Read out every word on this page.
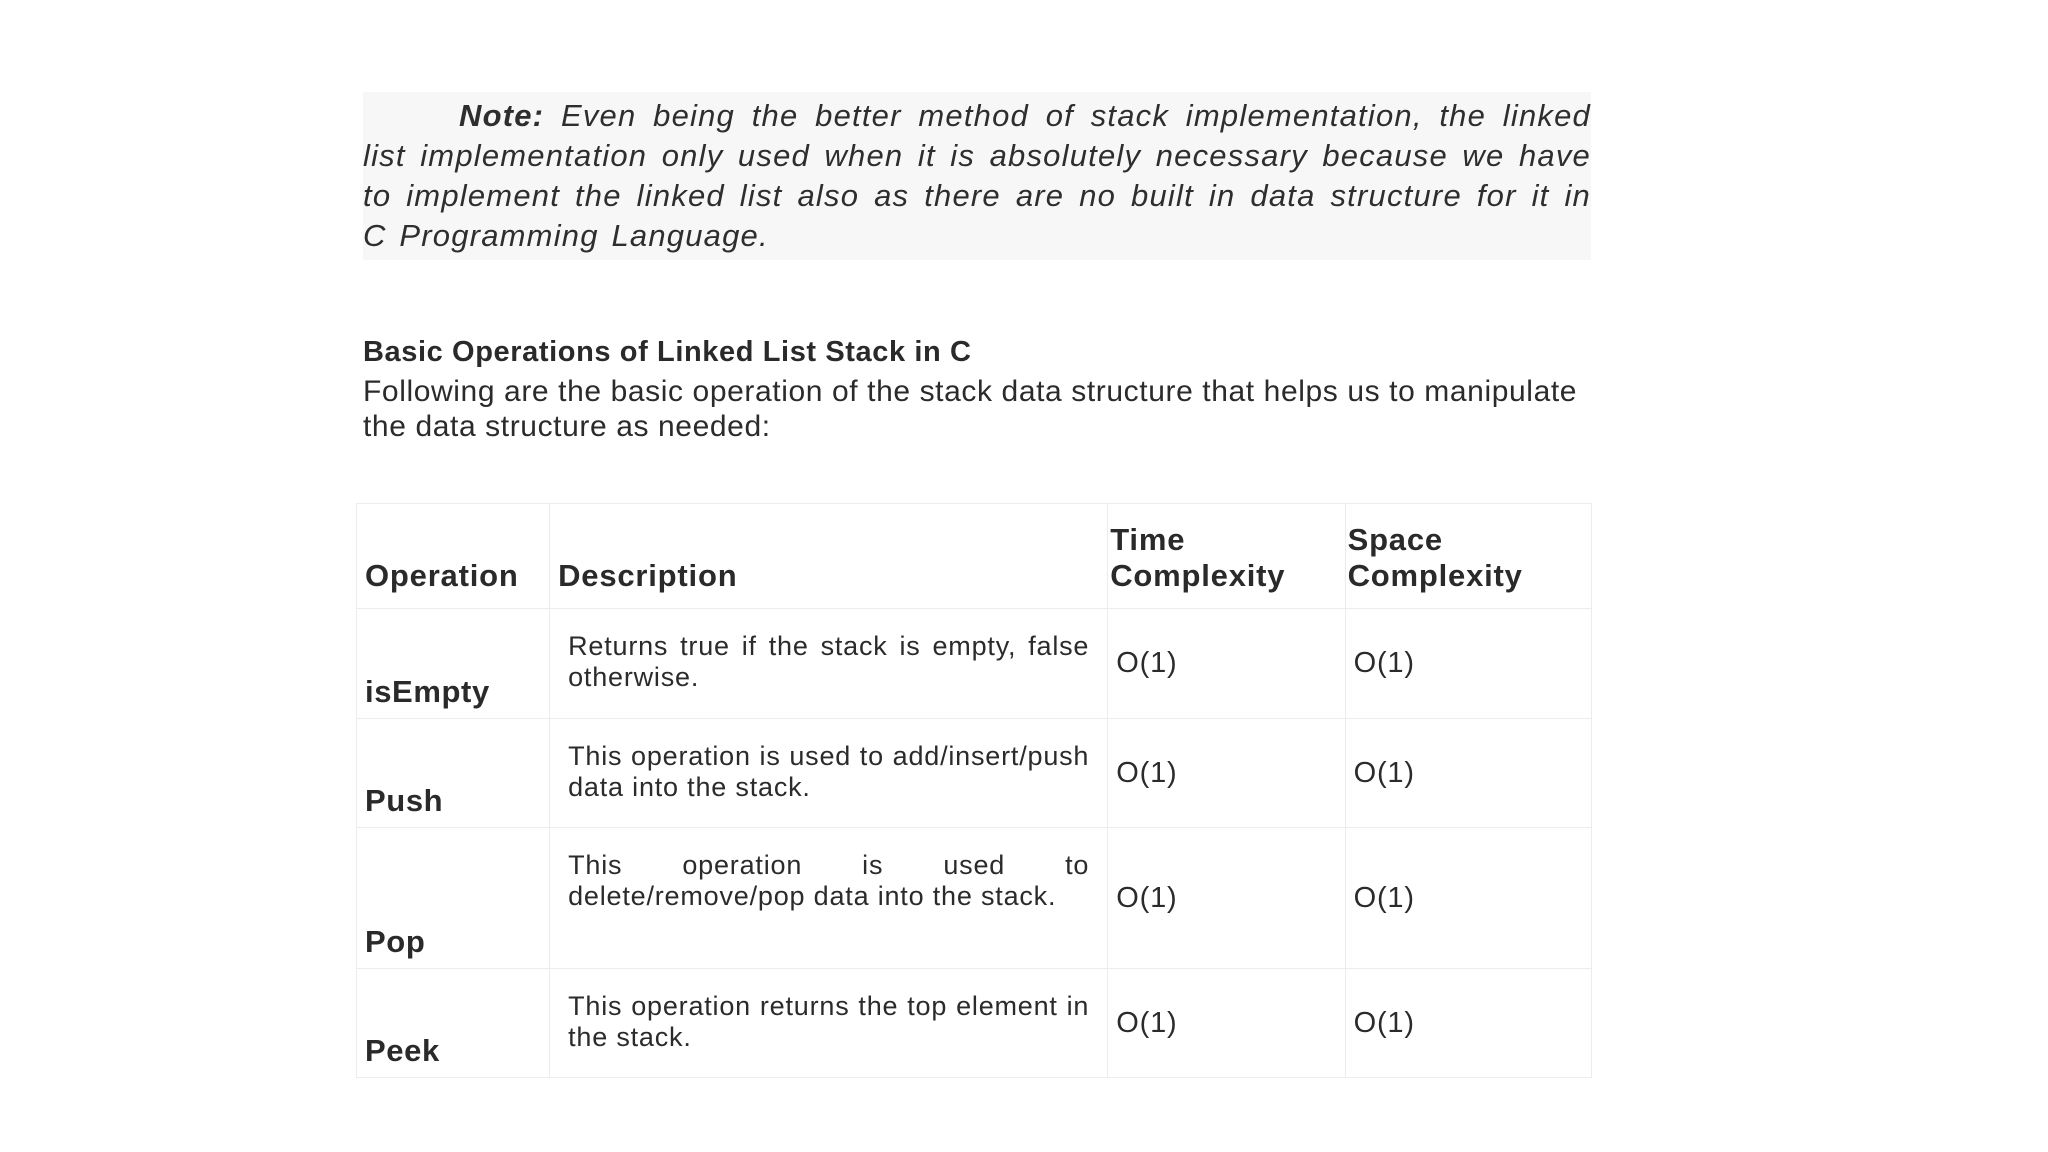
Note: Even being the better method of stack implementation, the linked list implementation only used when it is absolutely necessary because we have to implement the linked list also as there are no built in data structure for it in C Programming Language.

Basic Operations of Linked List Stack in C

Following are the basic operation of the stack data structure that helps us to manipulate the data structure as needed:

Operation	Description	Time Complexity	Space Complexity
isEmpty	Returns true if the stack is empty, false otherwise.	O(1)	O(1)
Push	This operation is used to add/insert/push data into the stack.	O(1)	O(1)
Pop	This operation is used to delete/remove/pop data into the stack.	O(1)	O(1)
Peek	This operation returns the top element in the stack.	O(1)	O(1)
